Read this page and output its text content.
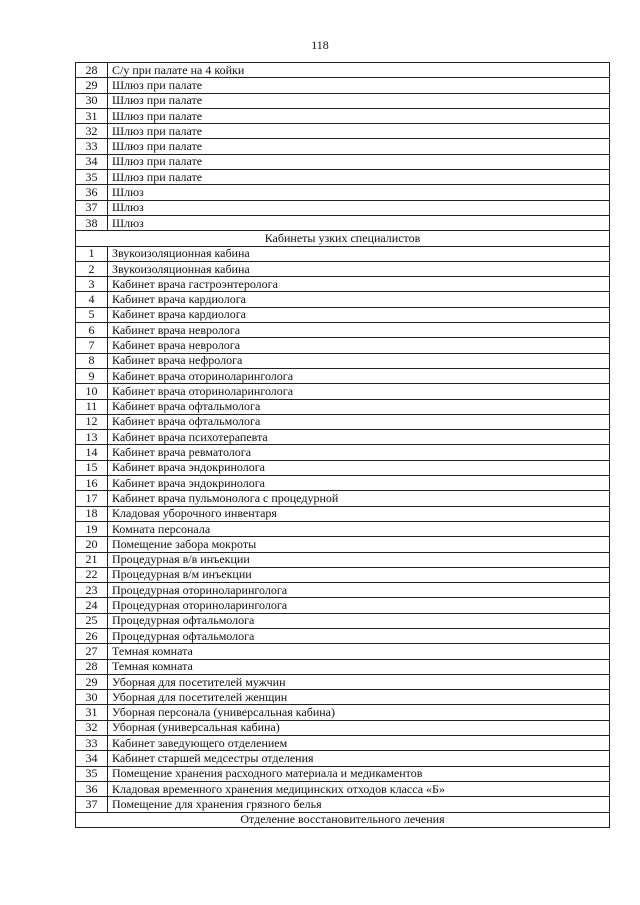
118
28	С/у при палате на 4 койки
29	Шлюз при палате
30	Шлюз при палате
31	Шлюз при палате
32	Шлюз при палате
33	Шлюз при палате
34	Шлюз при палате
35	Шлюз при палате
36	Шлюз
37	Шлюз
38	Шлюз
Кабинеты узких специалистов	
1	Звукоизоляционная кабина
2	Звукоизоляционная кабина
3	Кабинет врача гастроэнтеролога
4	Кабинет врача кардиолога
5	Кабинет врача кардиолога
6	Кабинет врача невролога
7	Кабинет врача невролога
8	Кабинет врача нефролога
9	Кабинет врача оториноларинголога
10	Кабинет врача оториноларинголога
11	Кабинет врача офтальмолога
12	Кабинет врача офтальмолога
13	Кабинет врача психотерапевта
14	Кабинет врача ревматолога
15	Кабинет врача эндокринолога
16	Кабинет врача эндокринолога
17	Кабинет врача пульмонолога с процедурной
18	Кладовая уборочного инвентаря
19	Комната персонала
20	Помещение забора мокроты
21	Процедурная в/в инъекции
22	Процедурная в/м инъекции
23	Процедурная оториноларинголога
24	Процедурная оториноларинголога
25	Процедурная офтальмолога
26	Процедурная офтальмолога
27	Темная комната
28	Темная комната
29	Уборная для посетителей мужчин
30	Уборная для посетителей женщин
31	Уборная персонала (универсальная кабина)
32	Уборная (универсальная кабина)
33	Кабинет заведующего отделением
34	Кабинет старшей медсестры отделения
35	Помещение хранения расходного материала и медикаментов
36	Кладовая временного хранения медицинских отходов класса «Б»
37	Помещение для хранения грязного белья
Отделение восстановительного лечения	
